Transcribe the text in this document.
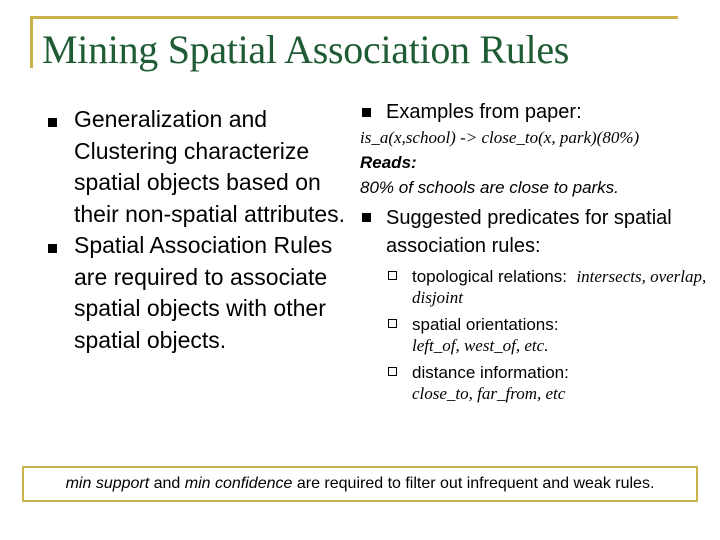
Mining Spatial Association Rules
Generalization and Clustering characterize spatial objects based on their non-spatial attributes.
Spatial Association Rules are required to associate spatial objects with other spatial objects.
Examples from paper:
is_a(x,school) -> close_to(x, park)(80%)
Reads:
80% of schools are close to parks.
Suggested predicates for spatial association rules:
topological relations: intersects, overlap, disjoint
spatial orientations:
left_of, west_of, etc.
distance information:
close_to, far_from, etc
min support and min confidence are required to filter out infrequent and weak rules.
